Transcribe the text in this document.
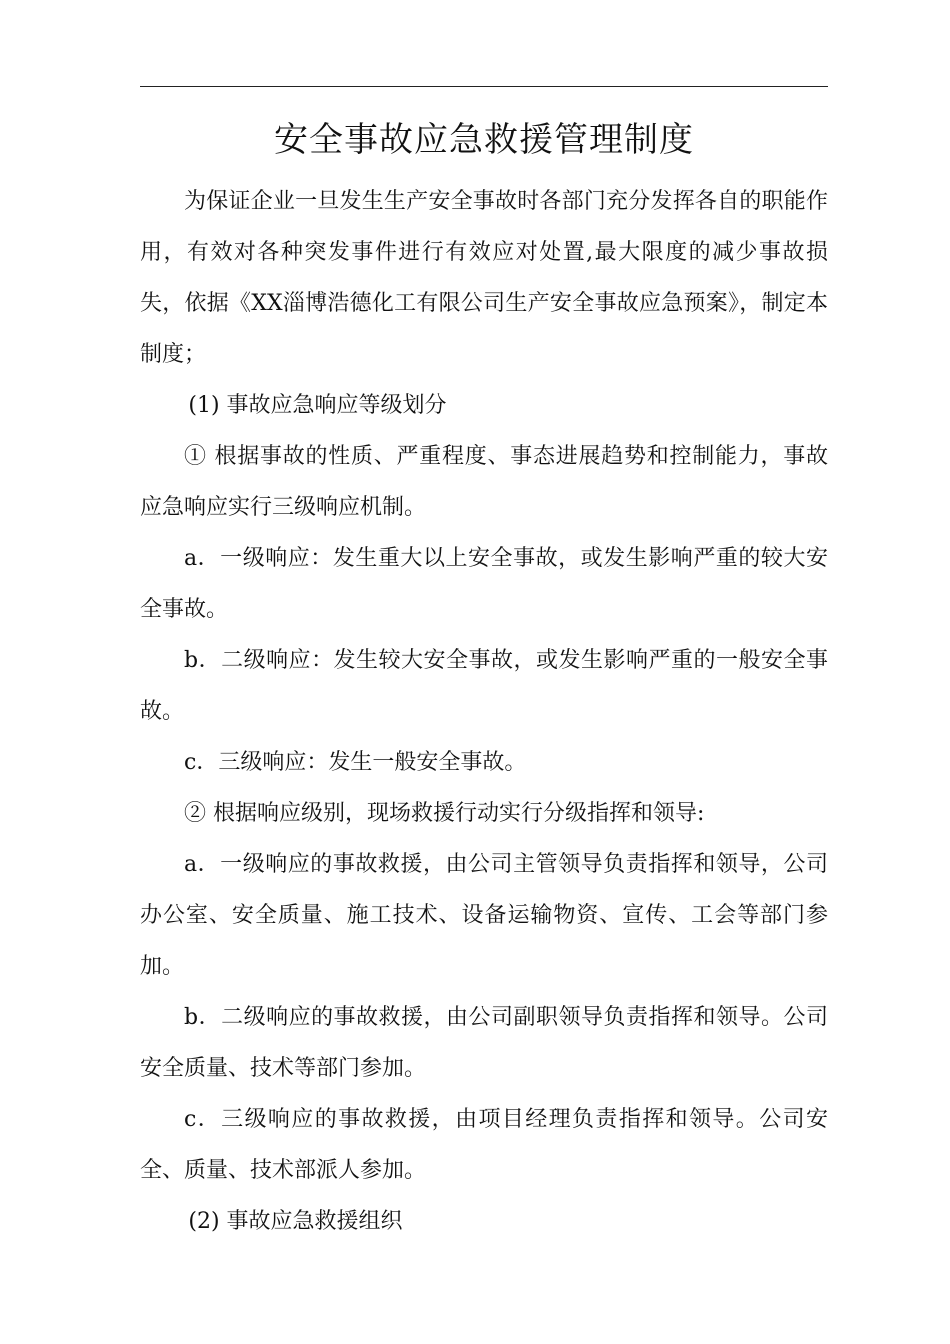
安全事故应急救援管理制度

为保证企业一旦发生生产安全事故时各部门充分发挥各自的职能作用，有效对各种突发事件进行有效应对处置,最大限度的减少事故损失，依据《XX淄博浩德化工有限公司生产安全事故应急预案》，制定本制度；

(1) 事故应急响应等级划分

① 根据事故的性质、严重程度、事态进展趋势和控制能力，事故应急响应实行三级响应机制。

a．一级响应：发生重大以上安全事故，或发生影响严重的较大安全事故。

b．二级响应：发生较大安全事故，或发生影响严重的一般安全事故。

c．三级响应：发生一般安全事故。

② 根据响应级别，现场救援行动实行分级指挥和领导:

a．一级响应的事故救援，由公司主管领导负责指挥和领导，公司办公室、安全质量、施工技术、设备运输物资、宣传、工会等部门参加。

b．二级响应的事故救援，由公司副职领导负责指挥和领导。公司安全质量、技术等部门参加。

c．三级响应的事故救援，由项目经理负责指挥和领导。公司安全、质量、技术部派人参加。

(2) 事故应急救援组织
